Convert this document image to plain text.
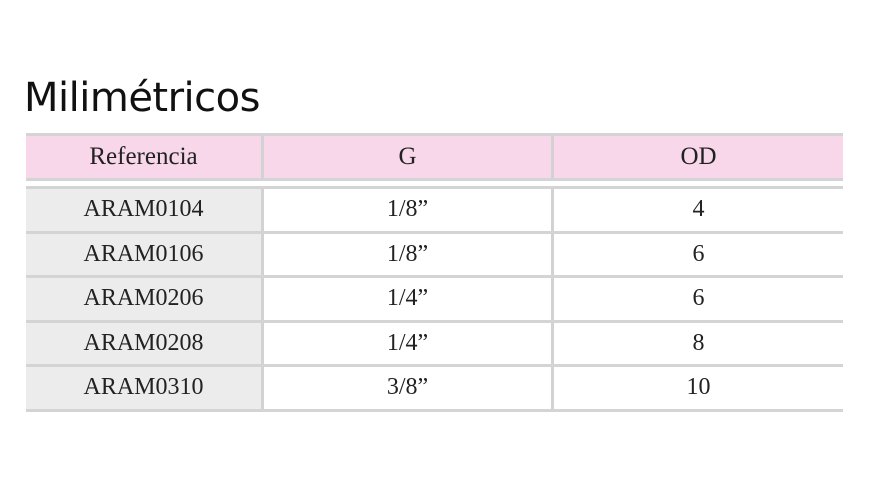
Milimétricos
Referencia	G	OD
ARAM0104	1/8”	4
ARAM0106	1/8”	6
ARAM0206	1/4”	6
ARAM0208	1/4”	8
ARAM0310	3/8”	10
